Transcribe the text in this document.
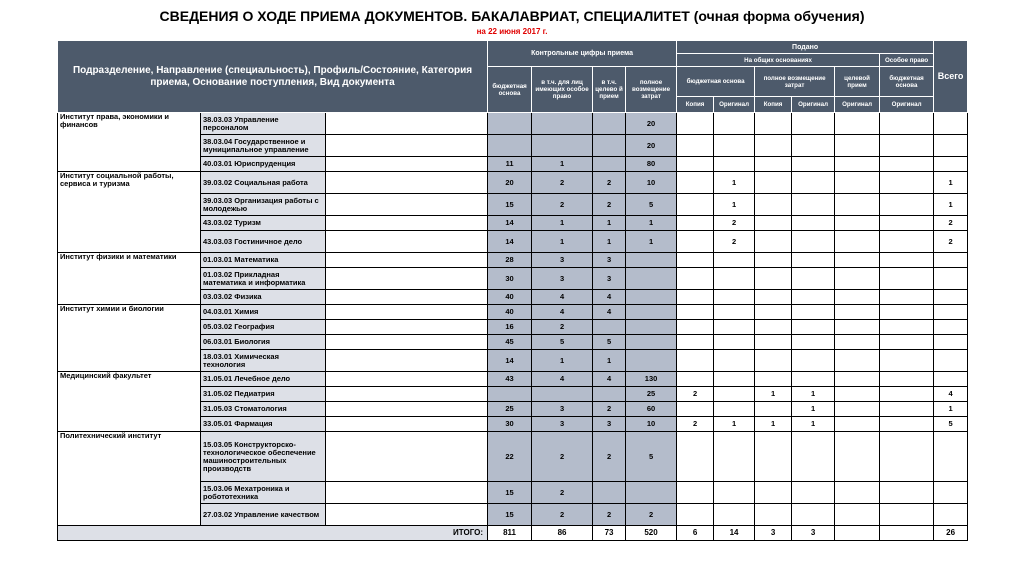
СВЕДЕНИЯ О ХОДЕ ПРИЕМА ДОКУМЕНТОВ. БАКАЛАВРИАТ, СПЕЦИАЛИТЕТ (очная форма обучения)
на 22 июня 2017 г.
Подразделение, Направление (специальность), Профиль/Состояние, Категория приема, Основание поступления, Вид документа			Контрольные цифры приема				Подано						Всего
							На общих основаниях					Особое право	
			бюджетная основа	в т.ч. для лиц имеющих особое право	в т.ч. целево й прием	полное возмещение затрат	бюджетная основа		полное возмещение затрат		целевой прием	бюджетная основа	
							Копия	Оригинал	Копия	Оригинал	Оригинал	Оригинал	
Институт права, экономики и финансов	38.03.03 Управление персоналом					20							
	38.03.04 Государственное и муниципальное управление					20							
	40.03.01 Юриспруденция		11	1		80							
Институт социальной работы, сервиса и туризма	39.03.02 Социальная работа		20	2	2	10		1					1
	39.03.03 Организация работы с молодежью		15	2	2	5		1					1
	43.03.02 Туризм		14	1	1	1		2					2
	43.03.03 Гостиничное дело		14	1	1	1		2					2
Институт физики и математики	01.03.01 Математика		28	3	3								
	01.03.02 Прикладная математика и информатика		30	3	3								
	03.03.02 Физика		40	4	4								
Институт химии и биологии	04.03.01 Химия		40	4	4								
	05.03.02 География		16	2									
	06.03.01 Биология		45	5	5								
	18.03.01 Химическая технология		14	1	1								
Медицинский факультет	31.05.01 Лечебное дело		43	4	4	130							
	31.05.02 Педиатрия					25	2		1	1			4
	31.05.03 Стоматология		25	3	2	60				1			1
	33.05.01 Фармация		30	3	3	10	2	1	1	1			5
Политехнический институт	15.03.05 Конструкторско-технологическое обеспечение машиностроительных производств		22	2	2	5							
	15.03.06 Мехатроника и робототехника		15	2									
	27.03.02 Управление качеством		15	2	2	2							
ИТОГО:			811	86	73	520	6	14	3	3			26
